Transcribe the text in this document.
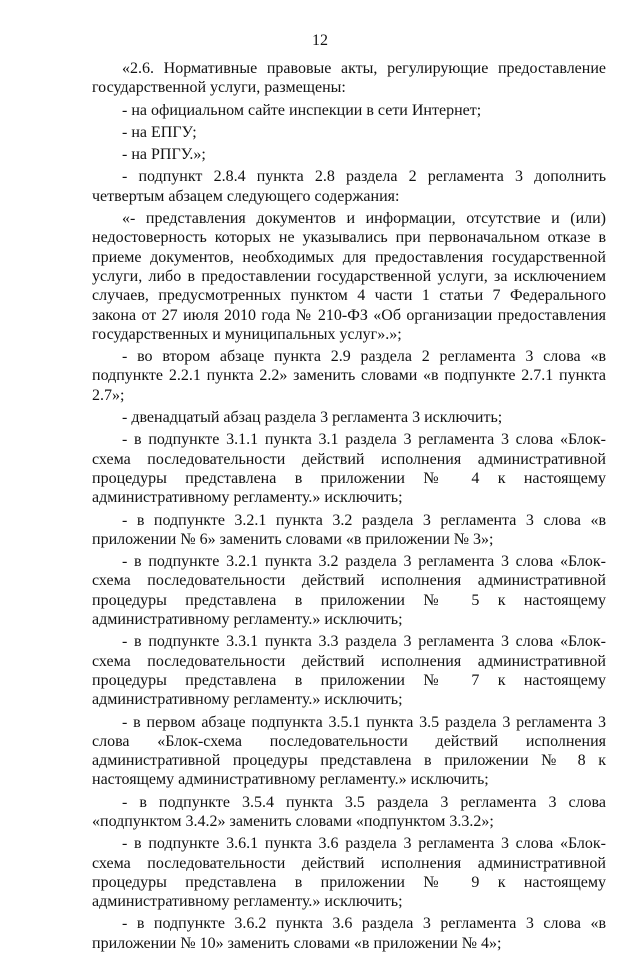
12

«2.6. Нормативные правовые акты, регулирующие предоставление государственной услуги, размещены:

- на официальном сайте инспекции в сети Интернет;

- на ЕПГУ;

- на РПГУ.»;

- подпункт 2.8.4 пункта 2.8 раздела 2 регламента 3 дополнить четвертым абзацем следующего содержания:

«- представления документов и информации, отсутствие и (или) недостоверность которых не указывались при первоначальном отказе в приеме документов, необходимых для предоставления государственной услуги, либо в предоставлении государственной услуги, за исключением случаев, предусмотренных пунктом 4 части 1 статьи 7 Федерального закона от 27 июля 2010 года № 210-ФЗ «Об организации предоставления государственных и муниципальных услуг».»;

- во втором абзаце пункта 2.9 раздела 2 регламента 3 слова «в подпункте 2.2.1 пункта 2.2» заменить словами «в подпункте 2.7.1 пункта 2.7»;

- двенадцатый абзац раздела 3 регламента 3 исключить;

- в подпункте 3.1.1 пункта 3.1 раздела 3 регламента 3 слова «Блок-схема последовательности действий исполнения административной процедуры представлена в приложении № 4 к настоящему административному регламенту.» исключить;

- в подпункте 3.2.1 пункта 3.2 раздела 3 регламента 3 слова «в приложении № 6» заменить словами «в приложении № 3»;

- в подпункте 3.2.1 пункта 3.2 раздела 3 регламента 3 слова «Блок-схема последовательности действий исполнения административной процедуры представлена в приложении № 5 к настоящему административному регламенту.» исключить;

- в подпункте 3.3.1 пункта 3.3 раздела 3 регламента 3 слова «Блок-схема последовательности действий исполнения административной процедуры представлена в приложении № 7 к настоящему административному регламенту.» исключить;

- в первом абзаце подпункта 3.5.1 пункта 3.5 раздела 3 регламента 3 слова «Блок-схема последовательности действий исполнения административной процедуры представлена в приложении № 8 к настоящему административному регламенту.» исключить;

- в подпункте 3.5.4 пункта 3.5 раздела 3 регламента 3 слова «подпунктом 3.4.2» заменить словами «подпунктом 3.3.2»;

- в подпункте 3.6.1 пункта 3.6 раздела 3 регламента 3 слова «Блок-схема последовательности действий исполнения административной процедуры представлена в приложении № 9 к настоящему административному регламенту.» исключить;

- в подпункте 3.6.2 пункта 3.6 раздела 3 регламента 3 слова «в приложении № 10» заменить словами «в приложении № 4»;
